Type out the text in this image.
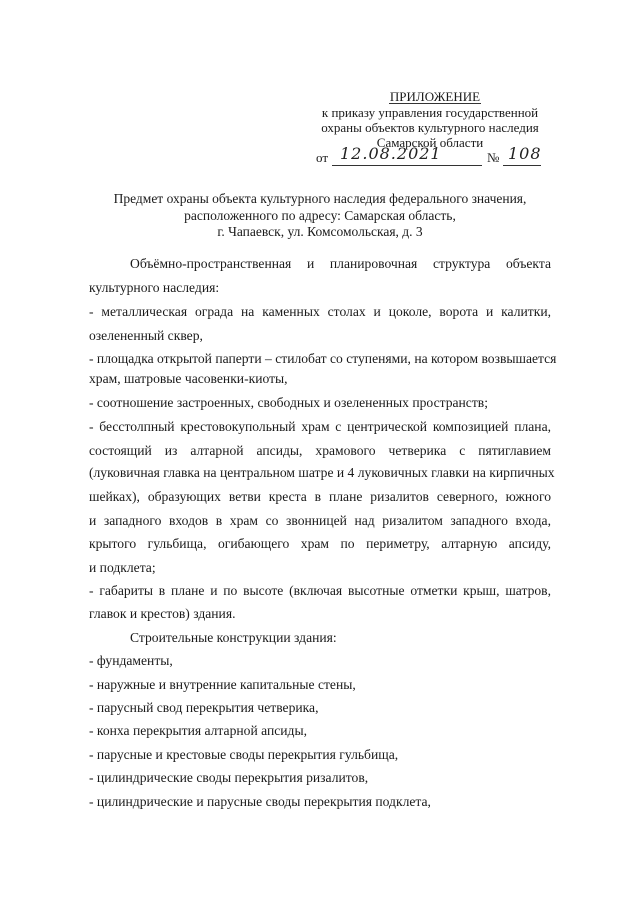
ПРИЛОЖЕНИЕ
к приказу управления государственной
охраны объектов культурного наследия
Самарской области
от 12.08.2021	№ 108
Предмет охраны объекта культурного наследия федерального значения,
расположенного по адресу: Самарская область,
г. Чапаевск, ул. Комсомольская, д. 3
Объёмно-пространственная и планировочная структура объекта
культурного наследия:
- металлическая ограда на каменных столах и цоколе, ворота и калитки,
озелененный сквер,
- площадка открытой паперти – стилобат со ступенями, на котором возвышается
храм, шатровые часовенки-киоты,
- соотношение застроенных, свободных и озелененных пространств;
- бесстолпный крестовокупольный храм с центрической композицией плана,
состоящий из алтарной апсиды, храмового четверика с пятиглавием
(луковичная главка на центральном шатре и 4 луковичных главки на кирпичных
шейках), образующих ветви креста в плане ризалитов северного, южного
и западного входов в храм со звонницей над ризалитом западного входа,
крытого гульбища, огибающего храм по периметру, алтарную апсиду,
и подклета;
- габариты в плане и по высоте (включая высотные отметки крыш, шатров,
главок и крестов) здания.
Строительные конструкции здания:
- фундаменты,
- наружные и внутренние капитальные стены,
- парусный свод перекрытия четверика,
- конха перекрытия алтарной апсиды,
- парусные и крестовые своды перекрытия гульбища,
- цилиндрические своды перекрытия ризалитов,
- цилиндрические и парусные своды перекрытия подклета,
